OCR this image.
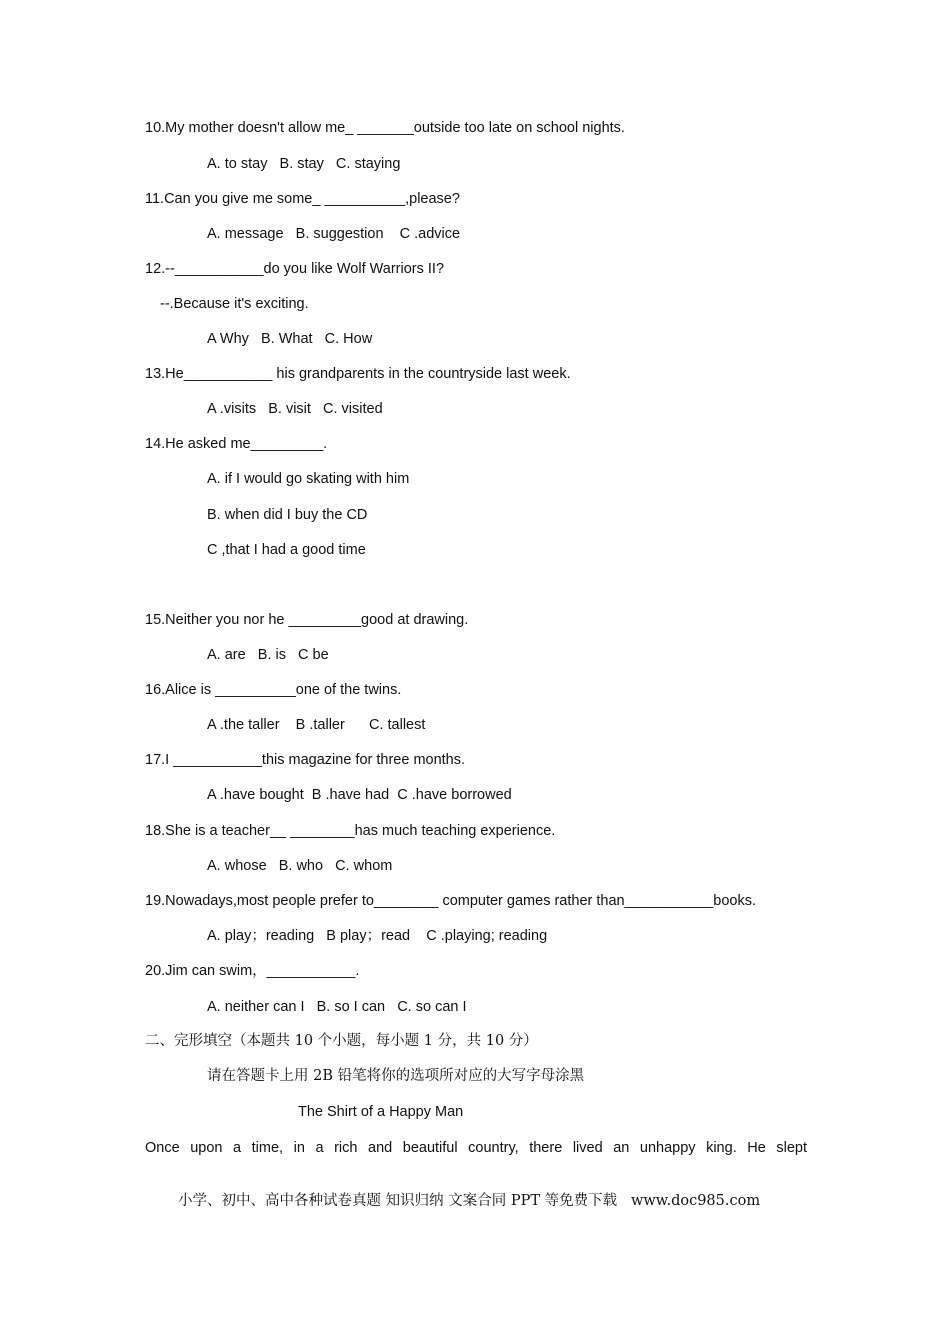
10.My mother doesn't allow me_ _______outside too late on school nights.
A. to stay   B. stay   C. staying
11.Can you give me some_ __________,please?
A. message   B. suggestion    C .advice
12.--___________do you like Wolf Warriors II?
--.Because it's exciting.
A Why   B. What   C. How
13.He___________ his grandparents in the countryside last week.
A .visits   B. visit   C. visited
14.He asked me_________.
A. if I would go skating with him
B. when did I buy the CD
C ,that I had a good time
15.Neither you nor he _________good at drawing.
A. are   B. is   C be
16.Alice is __________one of the twins.
A .the taller    B .taller      C. tallest
17.I ___________this magazine for three months.
A .have bought  B .have had  C .have borrowed
18.She is a teacher__ ________has much teaching experience.
A. whose   B. who   C. whom
19.Nowadays,most people prefer to________ computer games rather than___________books.
A. play；reading   B play；read    C .playing; reading
20.Jim can swim，___________.
A. neither can I   B. so I can   C. so can I
二、完形填空（本题共 10 个小题，每小题 1 分，共 10 分）
请在答题卡上用 2B 铅笔将你的选项所对应的大写字母涂黑
The Shirt of a Happy Man
Once upon a time, in a rich and beautiful country, there lived an unhappy king. He slept
小学、初中、高中各种试卷真题 知识归纳 文案合同 PPT 等免费下载   www.doc985.com
